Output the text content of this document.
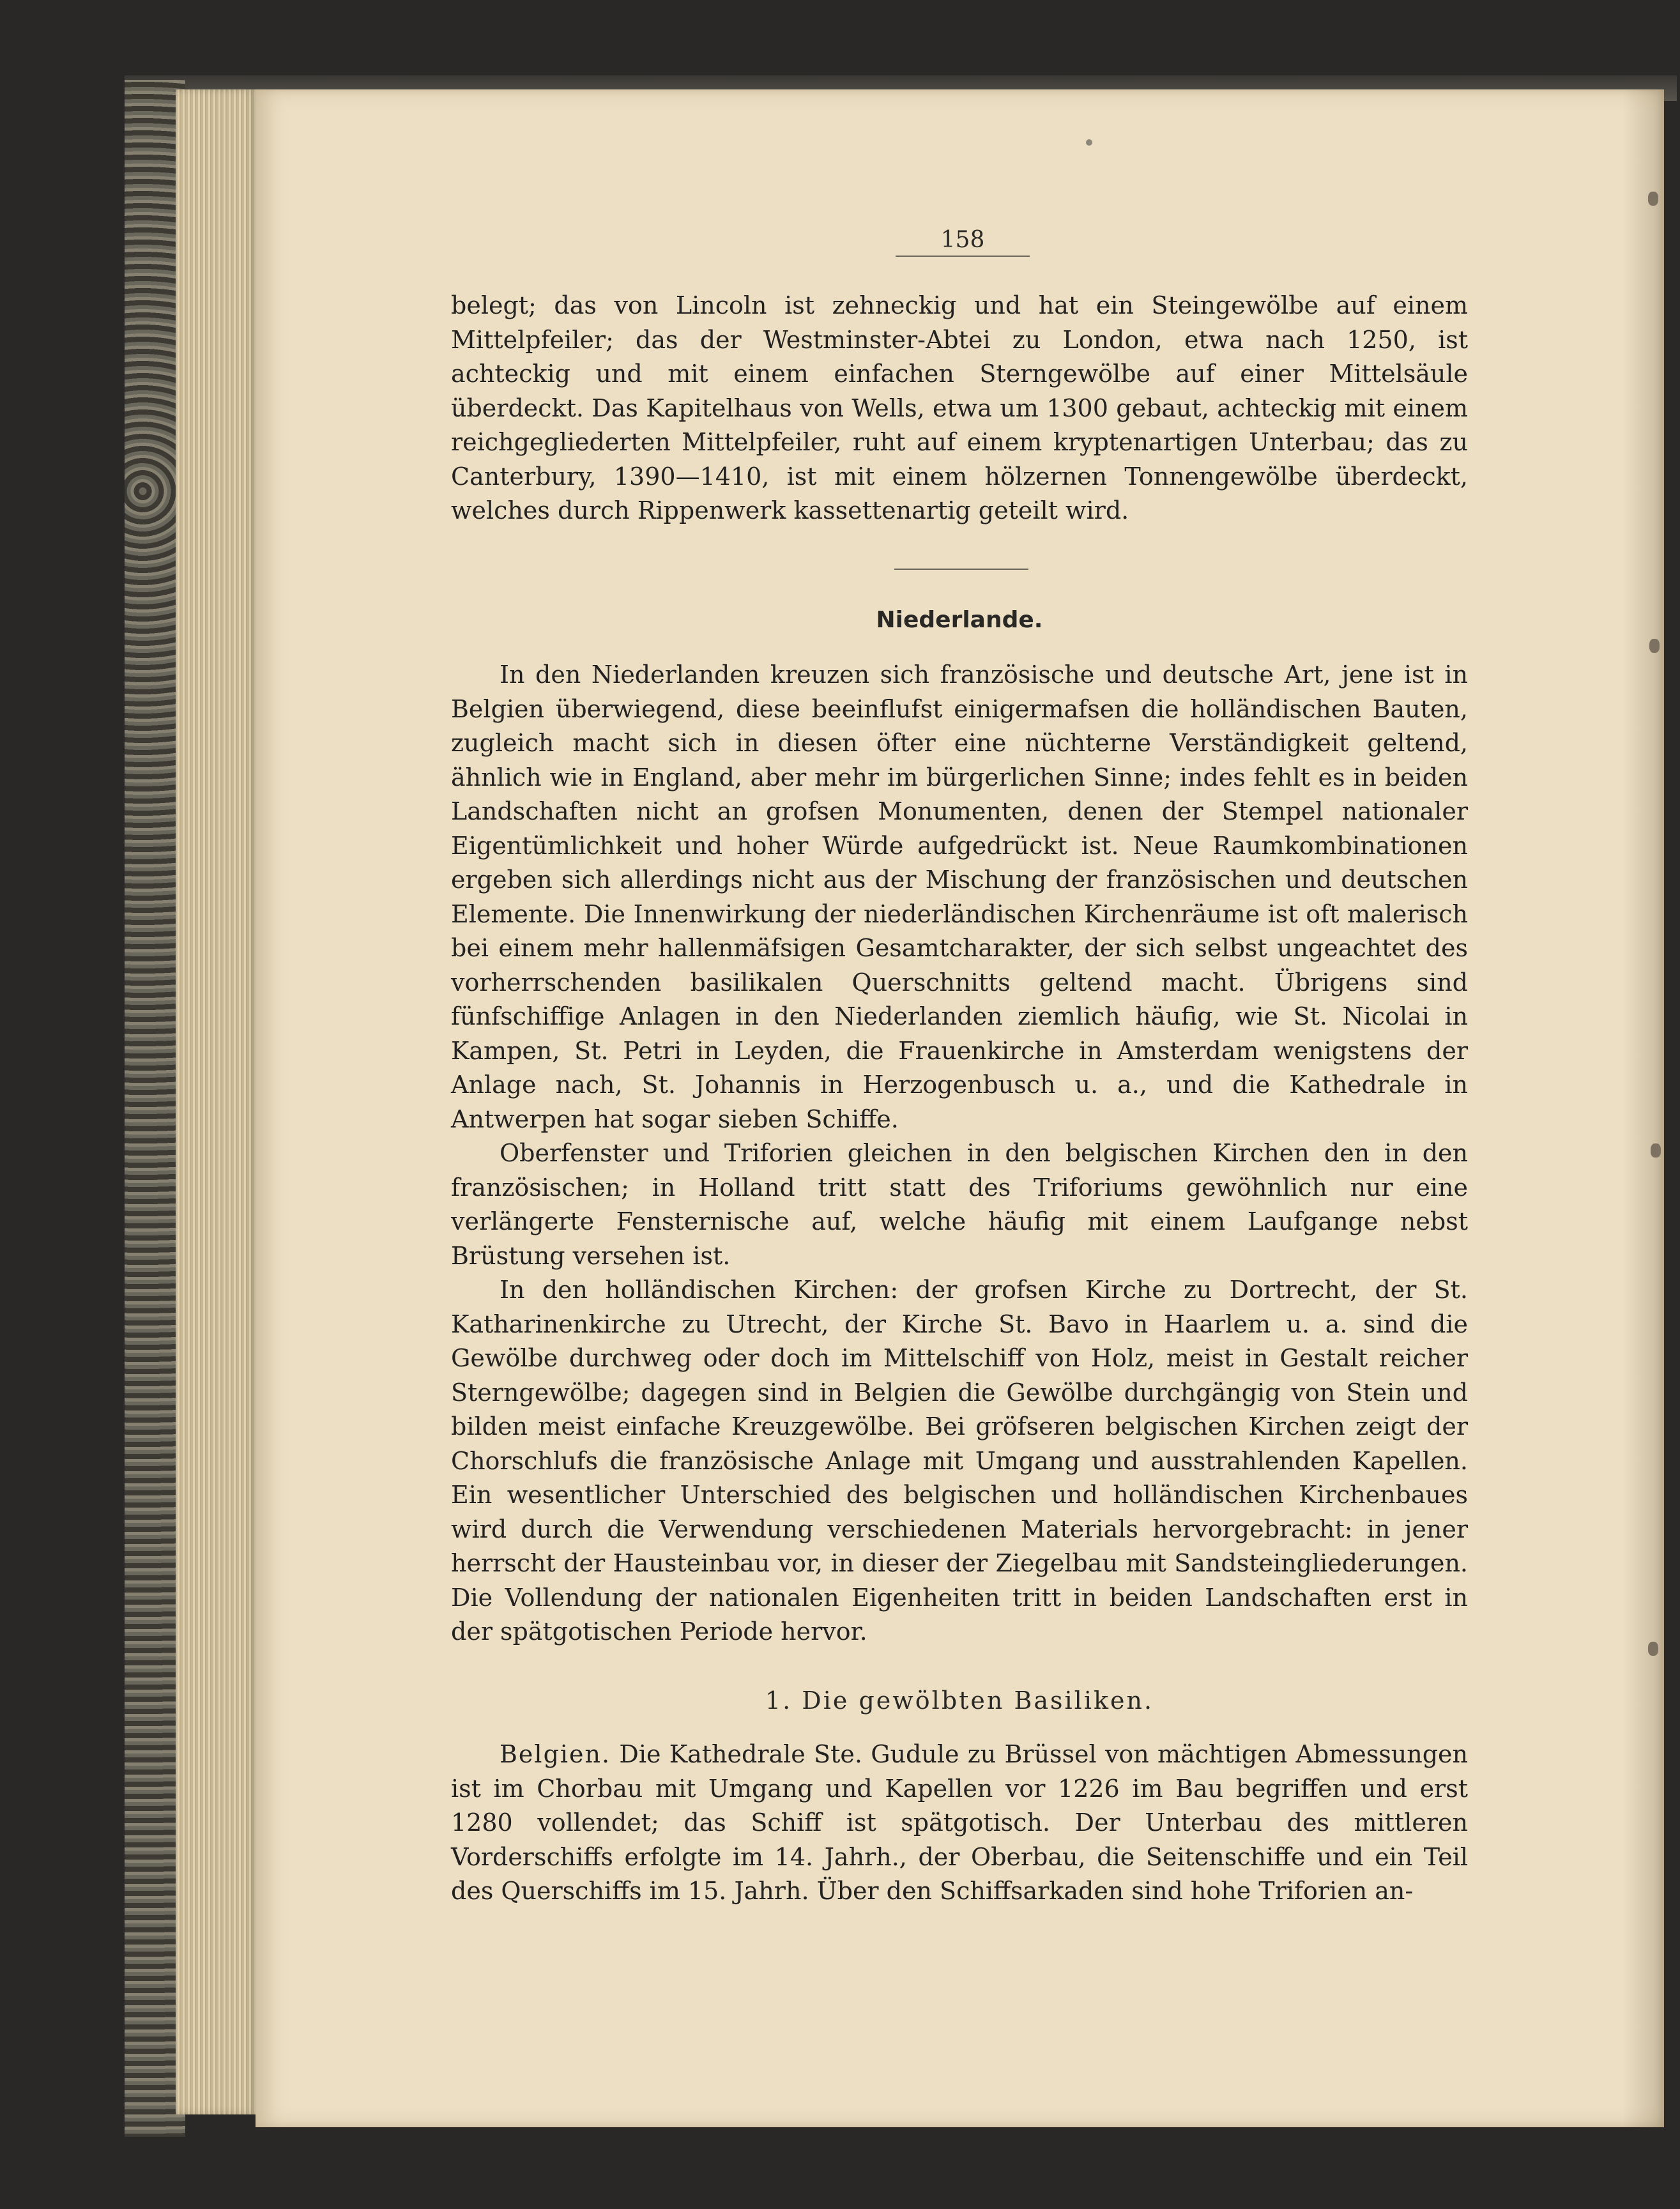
158

belegt; das von Lincoln ist zehneckig und hat ein Steingewölbe auf einem Mittelpfeiler; das der Westminster-Abtei zu London, etwa nach 1250, ist achteckig und mit einem einfachen Sterngewölbe auf einer Mittelsäule überdeckt. Das Kapitelhaus von Wells, etwa um 1300 gebaut, achteckig mit einem reichgegliederten Mittelpfeiler, ruht auf einem kryptenartigen Unterbau; das zu Canterbury, 1390—1410, ist mit einem hölzernen Tonnengewölbe überdeckt, welches durch Rippenwerk kassettenartig geteilt wird.

Niederlande.

In den Niederlanden kreuzen sich französische und deutsche Art, jene ist in Belgien überwiegend, diese beeinflufst einigermafsen die holländischen Bauten, zugleich macht sich in diesen öfter eine nüchterne Verständigkeit geltend, ähnlich wie in England, aber mehr im bürgerlichen Sinne; indes fehlt es in beiden Landschaften nicht an grofsen Monumenten, denen der Stempel nationaler Eigentümlichkeit und hoher Würde aufgedrückt ist. Neue Raumkombinationen ergeben sich allerdings nicht aus der Mischung der französischen und deutschen Elemente. Die Innenwirkung der niederländischen Kirchenräume ist oft malerisch bei einem mehr hallenmäfsigen Gesamtcharakter, der sich selbst ungeachtet des vorherrschenden basilikalen Querschnitts geltend macht. Übrigens sind fünfschiffige Anlagen in den Niederlanden ziemlich häufig, wie St. Nicolai in Kampen, St. Petri in Leyden, die Frauenkirche in Amsterdam wenigstens der Anlage nach, St. Johannis in Herzogenbusch u. a., und die Kathedrale in Antwerpen hat sogar sieben Schiffe.

Oberfenster und Triforien gleichen in den belgischen Kirchen den in den französischen; in Holland tritt statt des Triforiums gewöhnlich nur eine verlängerte Fensternische auf, welche häufig mit einem Laufgange nebst Brüstung versehen ist.

In den holländischen Kirchen: der grofsen Kirche zu Dortrecht, der St. Katharinenkirche zu Utrecht, der Kirche St. Bavo in Haarlem u. a. sind die Gewölbe durchweg oder doch im Mittelschiff von Holz, meist in Gestalt reicher Sterngewölbe; dagegen sind in Belgien die Gewölbe durchgängig von Stein und bilden meist einfache Kreuzgewölbe. Bei gröfseren belgischen Kirchen zeigt der Chorschlufs die französische Anlage mit Umgang und ausstrahlenden Kapellen. Ein wesentlicher Unterschied des belgischen und holländischen Kirchenbaues wird durch die Verwendung verschiedenen Materials hervorgebracht: in jener herrscht der Hausteinbau vor, in dieser der Ziegelbau mit Sandsteingliederungen. Die Vollendung der nationalen Eigenheiten tritt in beiden Landschaften erst in der spätgotischen Periode hervor.

1. Die gewölbten Basiliken.

Belgien. Die Kathedrale Ste. Gudule zu Brüssel von mächtigen Abmessungen ist im Chorbau mit Umgang und Kapellen vor 1226 im Bau begriffen und erst 1280 vollendet; das Schiff ist spätgotisch. Der Unterbau des mittleren Vorderschiffs erfolgte im 14. Jahrh., der Oberbau, die Seitenschiffe und ein Teil des Querschiffs im 15. Jahrh. Über den Schiffsarkaden sind hohe Triforien an-
